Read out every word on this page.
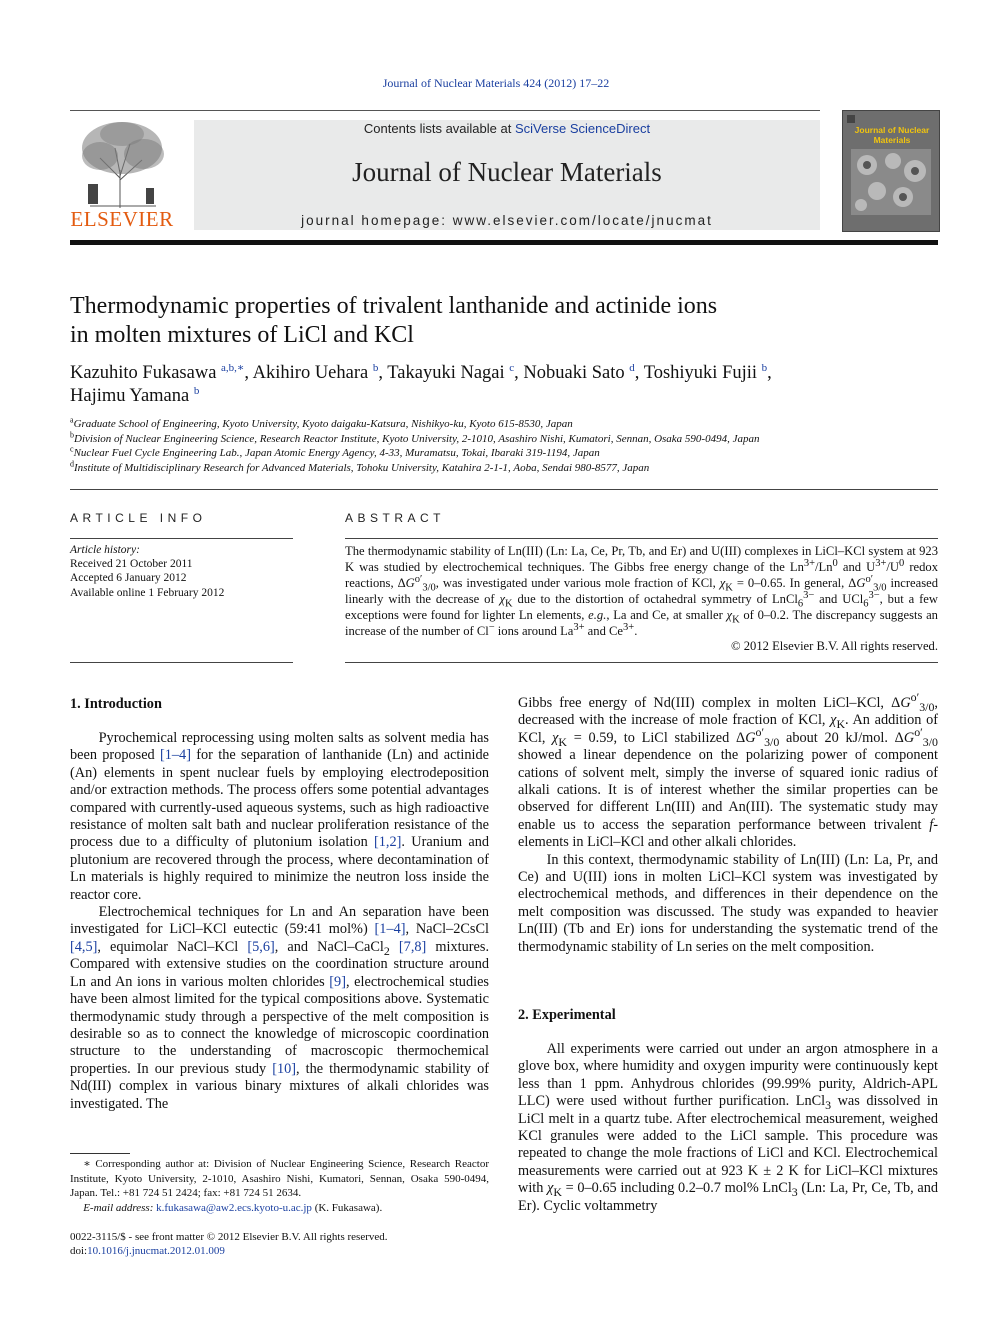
Journal of Nuclear Materials 424 (2012) 17–22
ELSEVIER
Contents lists available at SciVerse ScienceDirect
Journal of Nuclear Materials
journal homepage: www.elsevier.com/locate/jnucmat
Journal of Nuclear Materials
Thermodynamic properties of trivalent lanthanide and actinide ions
in molten mixtures of LiCl and KCl
Kazuhito Fukasawa $^{a,b,∗}$, Akihiro Uehara $^b$, Takayuki Nagai $^c$, Nobuaki Sato $^d$, Toshiyuki Fujii $^b$,
Hajimu Yamana $^b$
$^a$Graduate School of Engineering, Kyoto University, Kyoto daigaku-Katsura, Nishikyo-ku, Kyoto 615-8530, Japan
$^b$Division of Nuclear Engineering Science, Research Reactor Institute, Kyoto University, 2-1010, Asashiro Nishi, Kumatori, Sennan, Osaka 590-0494, Japan
$^c$Nuclear Fuel Cycle Engineering Lab., Japan Atomic Energy Agency, 4-33, Muramatsu, Tokai, Ibaraki 319-1194, Japan
$^d$Institute of Multidisciplinary Research for Advanced Materials, Tohoku University, Katahira 2-1-1, Aoba, Sendai 980-8577, Japan
ARTICLE INFO
Article history:
Received 21 October 2011
Accepted 6 January 2012
Available online 1 February 2012
ABSTRACT
The thermodynamic stability of Ln(III) (Ln: La, Ce, Pr, Tb, and Er) and U(III) complexes in LiCl–KCl system at 923 K was studied by electrochemical techniques. The Gibbs free energy change of the $Ln^{3+}/Ln^0$ and $U^{3+}/U^0$ redox reactions, $\Delta G^{o'}_{3/0}$, was investigated under various mole fraction of KCl, $\chi_K = 0-0.65$. In general, $\Delta G^{o'}_{3/0}$ increased linearly with the decrease of $\chi_K$ due to the distortion of octahedral symmetry of LnCl$_6^{3-}$ and UCl$_6^{3-}$, but a few exceptions were found for lighter Ln elements, e.g., La and Ce, at smaller $\chi_K$ of 0–0.2. The discrepancy suggests an increase of the number of Cl− ions around $La^{3+}$ and $Ce^{3+}$.
© 2012 Elsevier B.V. All rights reserved.
1. Introduction

Pyrochemical reprocessing using molten salts as solvent media has been proposed [1–4] for the separation of lanthanide (Ln) and actinide (An) elements in spent nuclear fuels by employing electrodeposition and/or extraction methods. The process offers some potential advantages compared with currently-used aqueous systems, such as high radioactive resistance of molten salt bath and nuclear proliferation resistance of the process due to a difficulty of plutonium isolation [1,2]. Uranium and plutonium are recovered through the process, where decontamination of Ln materials is highly required to minimize the neutron loss inside the reactor core.

Electrochemical techniques for Ln and An separation have been investigated for LiCl–KCl eutectic (59:41 mol%) [1–4], NaCl–2CsCl [4,5], equimolar NaCl–KCl [5,6], and NaCl–CaCl$_2$ [7,8] mixtures. Compared with extensive studies on the coordination structure around Ln and An ions in various molten chlorides [9], electrochemical studies have been almost limited for the typical compositions above. Systematic thermodynamic study through a perspective of the melt composition is desirable so as to connect the knowledge of microscopic coordination structure to the understanding of macroscopic thermochemical properties. In our previous study [10], the thermodynamic stability of Nd(III) complex in various binary mixtures of alkali chlorides was investigated. The

Gibbs free energy of Nd(III) complex in molten LiCl–KCl, $\Delta G^{o'}_{3/0}$, decreased with the increase of mole fraction of KCl, $\chi_K$. An addition of KCl, $\chi_K = 0.59$, to LiCl stabilized $\Delta G^{o'}_{3/0}$ about 20 kJ/mol. $\Delta G^{o'}_{3/0}$ showed a linear dependence on the polarizing power of component cations of solvent melt, simply the inverse of squared ionic radius of alkali cations. It is of interest whether the similar properties can be observed for different Ln(III) and An(III). The systematic study may enable us to access the separation performance between trivalent f-elements in LiCl–KCl and other alkali chlorides.

In this context, thermodynamic stability of Ln(III) (Ln: La, Pr, and Ce) and U(III) ions in molten LiCl–KCl system was investigated by electrochemical methods, and differences in their dependence on the melt composition was discussed. The study was expanded to heavier Ln(III) (Tb and Er) ions for understanding the systematic trend of the thermodynamic stability of Ln series on the melt composition.

2. Experimental

All experiments were carried out under an argon atmosphere in a glove box, where humidity and oxygen impurity were continuously kept less than 1 ppm. Anhydrous chlorides (99.99% purity, Aldrich-APL LLC) were used without further purification. LnCl$_3$ was dissolved in LiCl melt in a quartz tube. After electrochemical measurement, weighed KCl granules were added to the LiCl sample. This procedure was repeated to change the mole fractions of LiCl and KCl. Electrochemical measurements were carried out at 923 K ± 2 K for LiCl–KCl mixtures with $\chi_K = 0-0.65$ including 0.2–0.7 mol% LnCl$_3$ (Ln: La, Pr, Ce, Tb, and Er). Cyclic voltammetry

∗ Corresponding author at: Division of Nuclear Engineering Science, Research Reactor Institute, Kyoto University, 2-1010, Asashiro Nishi, Kumatori, Sennan, Osaka 590-0494, Japan. Tel.: +81 724 51 2424; fax: +81 724 51 2634.
E-mail address: k.fukasawa@aw2.ecs.kyoto-u.ac.jp (K. Fukasawa).
0022-3115/$ - see front matter © 2012 Elsevier B.V. All rights reserved.
doi:10.1016/j.jnucmat.2012.01.009
